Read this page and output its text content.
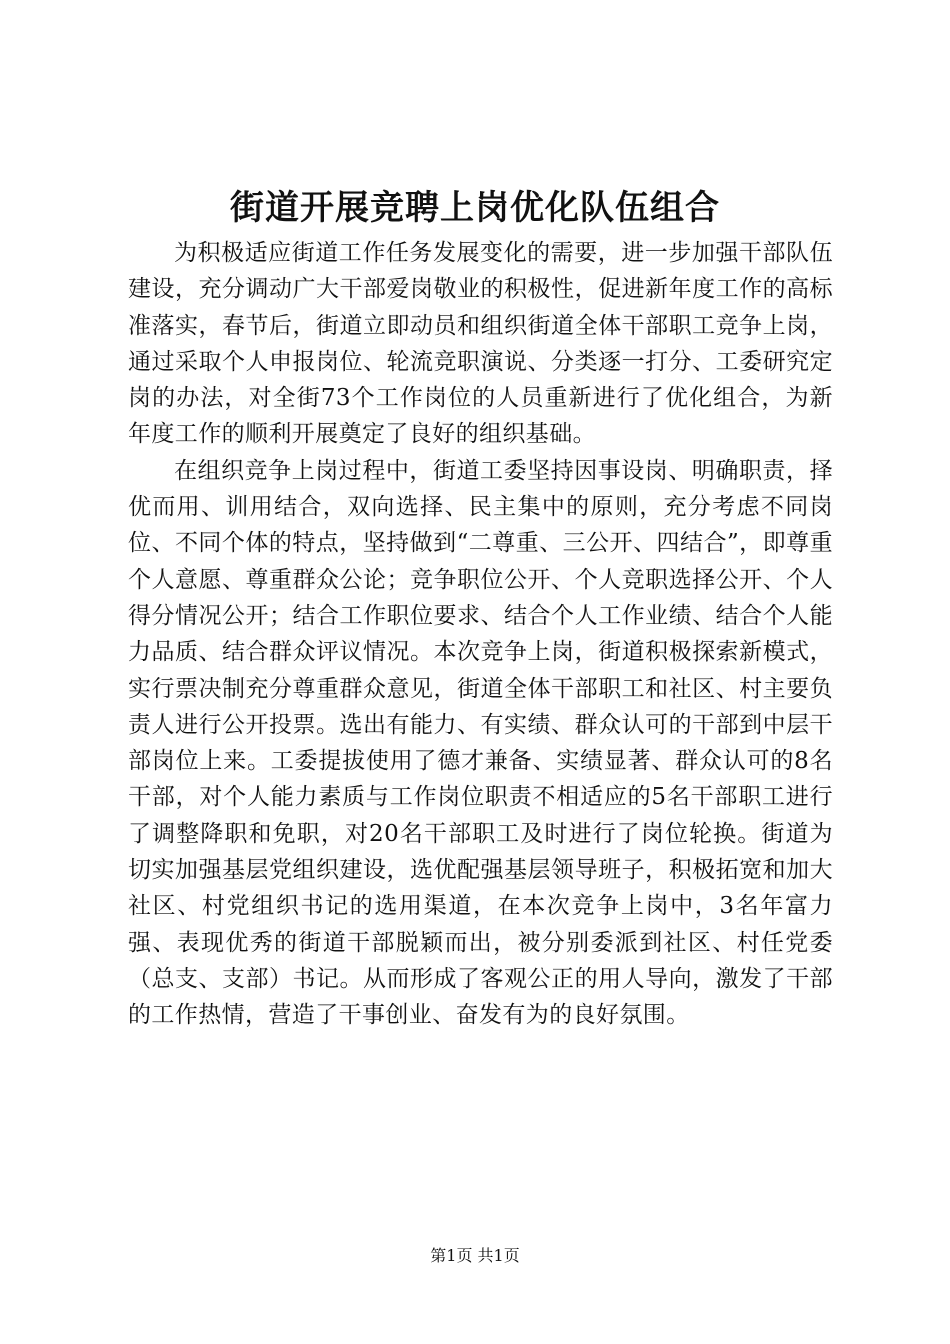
街道开展竞聘上岗优化队伍组合

为积极适应街道工作任务发展变化的需要，进一步加强干部队伍建设，充分调动广大干部爱岗敬业的积极性，促进新年度工作的高标准落实，春节后，街道立即动员和组织街道全体干部职工竞争上岗，通过采取个人申报岗位、轮流竞职演说、分类逐一打分、工委研究定岗的办法，对全街73个工作岗位的人员重新进行了优化组合，为新年度工作的顺利开展奠定了良好的组织基础。

在组织竞争上岗过程中，街道工委坚持因事设岗、明确职责，择优而用、训用结合，双向选择、民主集中的原则，充分考虑不同岗位、不同个体的特点，坚持做到“二尊重、三公开、四结合”，即尊重个人意愿、尊重群众公论；竞争职位公开、个人竞职选择公开、个人得分情况公开；结合工作职位要求、结合个人工作业绩、结合个人能力品质、结合群众评议情况。本次竞争上岗，街道积极探索新模式，实行票决制充分尊重群众意见，街道全体干部职工和社区、村主要负责人进行公开投票。选出有能力、有实绩、群众认可的干部到中层干部岗位上来。工委提拔使用了德才兼备、实绩显著、群众认可的8名干部，对个人能力素质与工作岗位职责不相适应的5名干部职工进行了调整降职和免职，对20名干部职工及时进行了岗位轮换。街道为切实加强基层党组织建设，选优配强基层领导班子，积极拓宽和加大社区、村党组织书记的选用渠道，在本次竞争上岗中，3名年富力强、表现优秀的街道干部脱颖而出，被分别委派到社区、村任党委（总支、支部）书记。从而形成了客观公正的用人导向，激发了干部的工作热情，营造了干事创业、奋发有为的良好氛围。

第1页 共1页
